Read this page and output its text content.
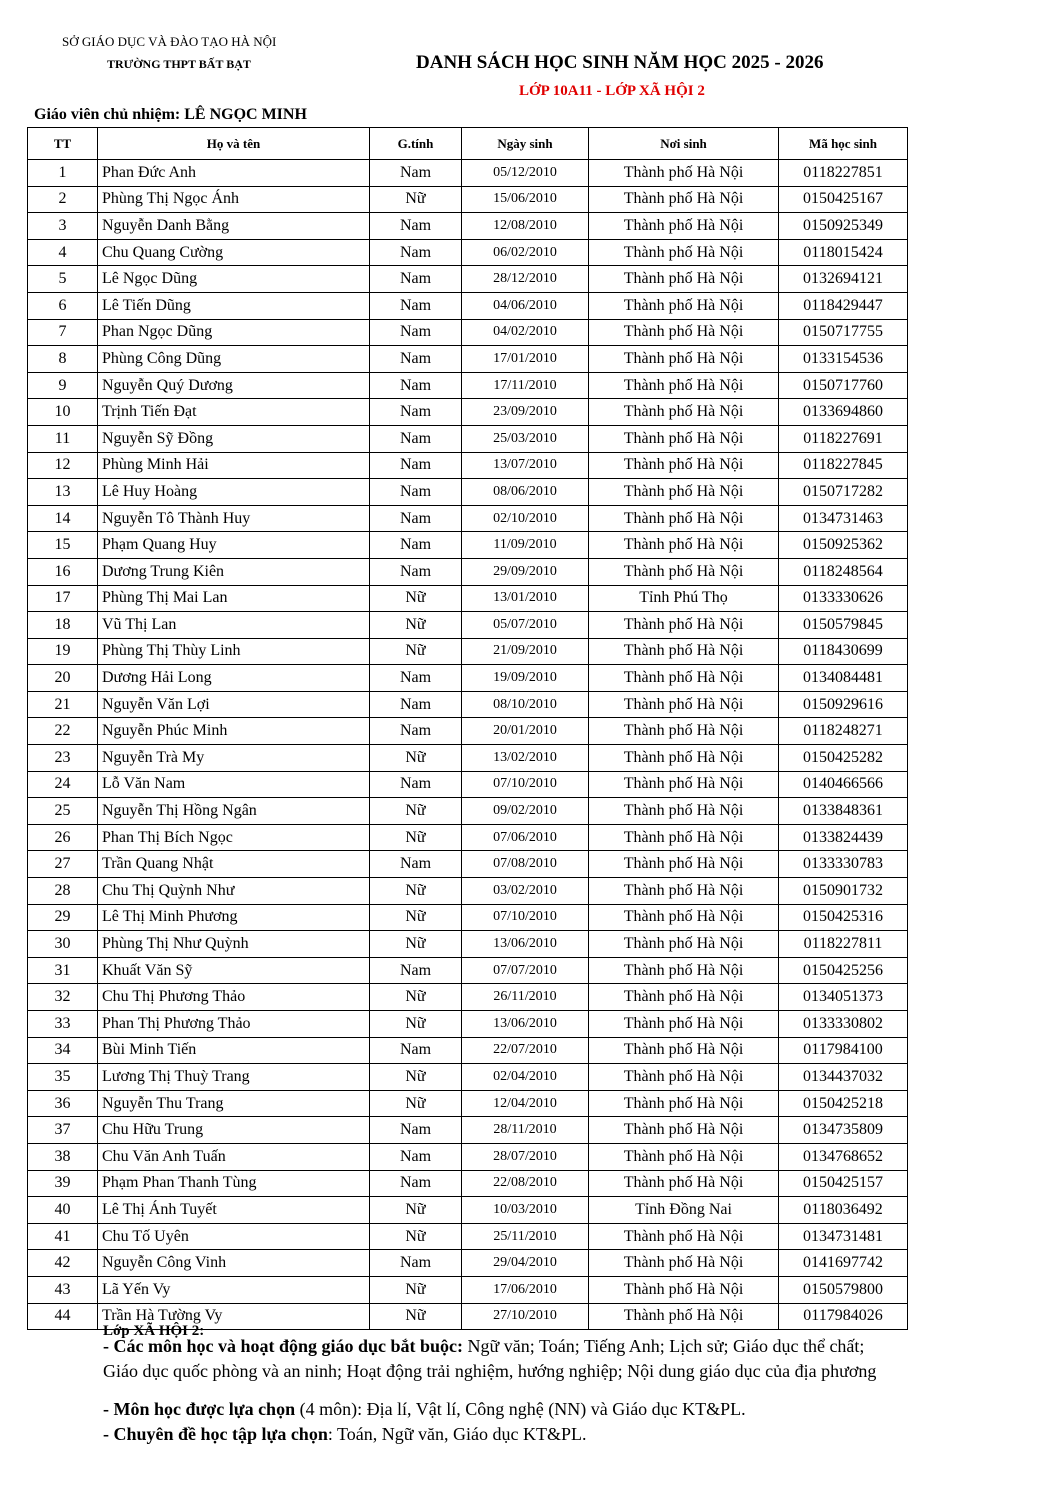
SỞ GIÁO DỤC VÀ ĐÀO TẠO HÀ NỘI
TRƯỜNG THPT BẤT BẠT	DANH SÁCH HỌC SINH NĂM HỌC 2025 - 2026
LỚP 10A11 - LỚP XÃ HỘI 2
Giáo viên chủ nhiệm: LÊ NGỌC MINH
TT	Họ và tên	G.tính	Ngày sinh	Nơi sinh	Mã học sinh
1	Phan Đức Anh	Nam	05/12/2010	Thành phố Hà Nội	0118227851
2	Phùng Thị Ngọc Ánh	Nữ	15/06/2010	Thành phố Hà Nội	0150425167
3	Nguyễn Danh Bằng	Nam	12/08/2010	Thành phố Hà Nội	0150925349
4	Chu Quang Cường	Nam	06/02/2010	Thành phố Hà Nội	0118015424
5	Lê Ngọc Dũng	Nam	28/12/2010	Thành phố Hà Nội	0132694121
6	Lê Tiến Dũng	Nam	04/06/2010	Thành phố Hà Nội	0118429447
7	Phan Ngọc Dũng	Nam	04/02/2010	Thành phố Hà Nội	0150717755
8	Phùng Công Dũng	Nam	17/01/2010	Thành phố Hà Nội	0133154536
9	Nguyễn Quý Dương	Nam	17/11/2010	Thành phố Hà Nội	0150717760
10	Trịnh Tiến Đạt	Nam	23/09/2010	Thành phố Hà Nội	0133694860
11	Nguyễn Sỹ Đồng	Nam	25/03/2010	Thành phố Hà Nội	0118227691
12	Phùng Minh Hải	Nam	13/07/2010	Thành phố Hà Nội	0118227845
13	Lê Huy Hoàng	Nam	08/06/2010	Thành phố Hà Nội	0150717282
14	Nguyễn Tô Thành Huy	Nam	02/10/2010	Thành phố Hà Nội	0134731463
15	Phạm Quang Huy	Nam	11/09/2010	Thành phố Hà Nội	0150925362
16	Dương Trung Kiên	Nam	29/09/2010	Thành phố Hà Nội	0118248564
17	Phùng Thị Mai Lan	Nữ	13/01/2010	Tỉnh Phú Thọ	0133330626
18	Vũ Thị Lan	Nữ	05/07/2010	Thành phố Hà Nội	0150579845
19	Phùng Thị Thùy Linh	Nữ	21/09/2010	Thành phố Hà Nội	0118430699
20	Dương Hải Long	Nam	19/09/2010	Thành phố Hà Nội	0134084481
21	Nguyễn Văn Lợi	Nam	08/10/2010	Thành phố Hà Nội	0150929616
22	Nguyễn Phúc Minh	Nam	20/01/2010	Thành phố Hà Nội	0118248271
23	Nguyễn Trà My	Nữ	13/02/2010	Thành phố Hà Nội	0150425282
24	Lỗ Văn Nam	Nam	07/10/2010	Thành phố Hà Nội	0140466566
25	Nguyễn Thị Hồng Ngân	Nữ	09/02/2010	Thành phố Hà Nội	0133848361
26	Phan Thị Bích Ngọc	Nữ	07/06/2010	Thành phố Hà Nội	0133824439
27	Trần Quang Nhật	Nam	07/08/2010	Thành phố Hà Nội	0133330783
28	Chu Thị Quỳnh Như	Nữ	03/02/2010	Thành phố Hà Nội	0150901732
29	Lê Thị Minh Phương	Nữ	07/10/2010	Thành phố Hà Nội	0150425316
30	Phùng Thị Như Quỳnh	Nữ	13/06/2010	Thành phố Hà Nội	0118227811
31	Khuất Văn Sỹ	Nam	07/07/2010	Thành phố Hà Nội	0150425256
32	Chu Thị Phương Thảo	Nữ	26/11/2010	Thành phố Hà Nội	0134051373
33	Phan Thị Phương Thảo	Nữ	13/06/2010	Thành phố Hà Nội	0133330802
34	Bùi Minh Tiến	Nam	22/07/2010	Thành phố Hà Nội	0117984100
35	Lương Thị Thuỳ Trang	Nữ	02/04/2010	Thành phố Hà Nội	0134437032
36	Nguyễn Thu Trang	Nữ	12/04/2010	Thành phố Hà Nội	0150425218
37	Chu Hữu Trung	Nam	28/11/2010	Thành phố Hà Nội	0134735809
38	Chu Văn Anh Tuấn	Nam	28/07/2010	Thành phố Hà Nội	0134768652
39	Phạm Phan Thanh Tùng	Nam	22/08/2010	Thành phố Hà Nội	0150425157
40	Lê Thị Ánh Tuyết	Nữ	10/03/2010	Tỉnh Đồng Nai	0118036492
41	Chu Tố Uyên	Nữ	25/11/2010	Thành phố Hà Nội	0134731481
42	Nguyễn Công Vinh	Nam	29/04/2010	Thành phố Hà Nội	0141697742
43	Lã Yến Vy	Nữ	17/06/2010	Thành phố Hà Nội	0150579800
44	Trần Hà Tường Vy	Nữ	27/10/2010	Thành phố Hà Nội	0117984026
Lớp XÃ HỘI 2:

- Các môn học và hoạt động giáo dục bắt buộc: Ngữ văn; Toán; Tiếng Anh; Lịch sử; Giáo dục thể chất; Giáo dục quốc phòng và an ninh; Hoạt động trải nghiệm, hướng nghiệp; Nội dung giáo dục của địa phương

- Môn học được lựa chọn (4 môn): Địa lí, Vật lí, Công nghệ (NN) và Giáo dục KT&PL.
- Chuyên đề học tập lựa chọn: Toán, Ngữ văn, Giáo dục KT&PL.
